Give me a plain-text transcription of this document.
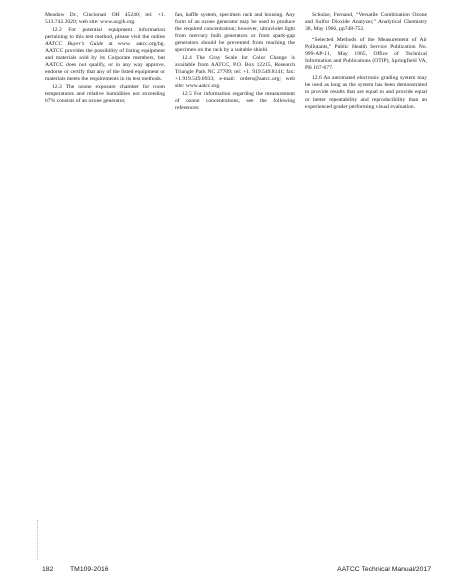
Meadow Dr., Cincinnati OH 45240; tel: +1. 513.742.2020; web site: www.acgih.org.

12.2 For potential equipment information pertaining to this test method, please visit the online AATCC Buyer’s Guide at www. aatcc.org/bg. AATCC provides the possibility of listing equipment and materials sold by its Corporate members, but AATCC does not qualify, or in any way approve, endorse or certify that any of the listed equipment or materials meets the requirements in its test methods.

12.3 The ozone exposure chamber for room temperatures and relative humidities not exceeding 67% consists of an ozone generator,

fan, baffle system, specimen rack and housing. Any form of an ozone generator may be used to produce the required concentration; however, ultraviolet light from mercury bulb generators or from spark-gap generators should be prevented from reaching the specimen on the rack by a suitable shield.

12.4 The Gray Scale for Color Change is available from AATCC, P.O. Box 12215, Research Triangle Park NC 27709; tel: +1. 919.549.8141; fax: +1.919.549.8933; e-mail: orders@aatcc.org; web site: www.aatcc.org.

12.5 For information regarding the measurement of ozone concentrations, see the following references:

Schulze, Fernand, “Versatile Combination Ozone and Sulfur Dioxide Analyzer,” Analytical Chemistry 38, May 1966, pp748-752.

“Selected Methods of the Measurement of Air Pollutants,” Public Health Service Publication No. 999-AP-11, May 1965, Office of Technical Information and Publications (OTIP), Springfield VA, PB 167-677.

12.6 An automated electronic grading system may be used as long as the system has been demonstrated to provide results that are equal to and provide equal or better repeatability and reproducibility than an experienced grader performing visual evaluation.

182 TM109-2016	AATCC Technical Manual/2017
